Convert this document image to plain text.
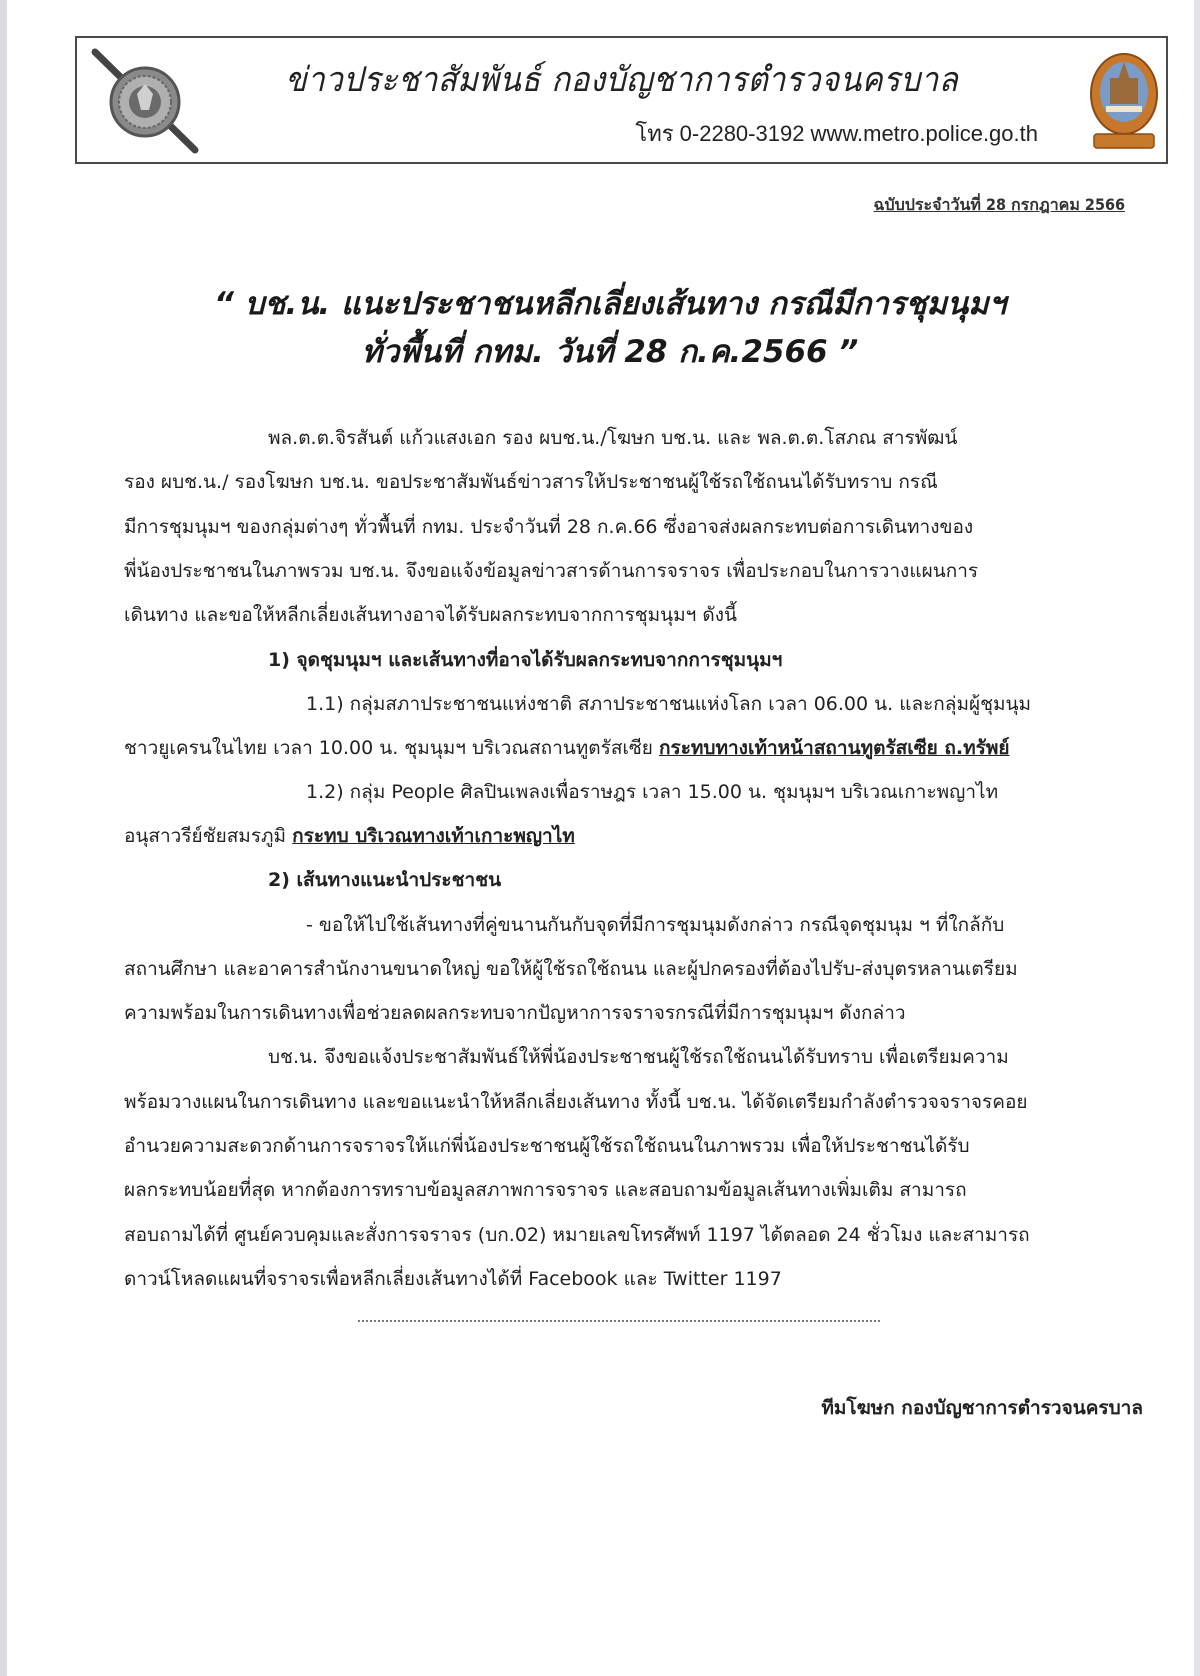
ข่าวประชาสัมพันธ์ กองบัญชาการตำรวจนครบาล
โทร 0-2280-3192 www.metro.police.go.th
ฉบับประจำวันที่ 28 กรกฎาคม 2566
“ บช.น. แนะประชาชนหลีกเลี่ยงเส้นทาง กรณีมีการชุมนุมฯ
ทั่วพื้นที่ กทม. วันที่ 28 ก.ค.2566 ”
พล.ต.ต.จิรสันต์ แก้วแสงเอก รอง ผบช.น./โฆษก บช.น. และ พล.ต.ต.โสภณ สารพัฒน์
รอง ผบช.น./ รองโฆษก บช.น. ขอประชาสัมพันธ์ข่าวสารให้ประชาชนผู้ใช้รถใช้ถนนได้รับทราบ กรณี
มีการชุมนุมฯ ของกลุ่มต่างๆ ทั่วพื้นที่ กทม. ประจำวันที่ 28 ก.ค.66 ซึ่งอาจส่งผลกระทบต่อการเดินทางของ
พี่น้องประชาชนในภาพรวม บช.น. จึงขอแจ้งข้อมูลข่าวสารด้านการจราจร เพื่อประกอบในการวางแผนการ
เดินทาง และขอให้หลีกเลี่ยงเส้นทางอาจได้รับผลกระทบจากการชุมนุมฯ ดังนี้
1) จุดชุมนุมฯ และเส้นทางที่อาจได้รับผลกระทบจากการชุมนุมฯ
1.1) กลุ่มสภาประชาชนแห่งชาติ สภาประชาชนแห่งโลก เวลา 06.00 น. และกลุ่มผู้ชุมนุม
ชาวยูเครนในไทย เวลา 10.00 น. ชุมนุมฯ บริเวณสถานทูตรัสเซีย กระทบทางเท้าหน้าสถานทูตรัสเซีย ถ.ทรัพย์
1.2) กลุ่ม People ศิลปินเพลงเพื่อราษฎร เวลา 15.00 น. ชุมนุมฯ บริเวณเกาะพญาไท
อนุสาวรีย์ชัยสมรภูมิ กระทบ บริเวณทางเท้าเกาะพญาไท
2) เส้นทางแนะนำประชาชน
- ขอให้ไปใช้เส้นทางที่คู่ขนานกันกับจุดที่มีการชุมนุมดังกล่าว กรณีจุดชุมนุม ฯ ที่ใกล้กับ
สถานศึกษา และอาคารสำนักงานขนาดใหญ่ ขอให้ผู้ใช้รถใช้ถนน และผู้ปกครองที่ต้องไปรับ-ส่งบุตรหลานเตรียม
ความพร้อมในการเดินทางเพื่อช่วยลดผลกระทบจากปัญหาการจราจรกรณีที่มีการชุมนุมฯ ดังกล่าว
บช.น. จึงขอแจ้งประชาสัมพันธ์ให้พี่น้องประชาชนผู้ใช้รถใช้ถนนได้รับทราบ เพื่อเตรียมความ
พร้อมวางแผนในการเดินทาง และขอแนะนำให้หลีกเลี่ยงเส้นทาง ทั้งนี้ บช.น. ได้จัดเตรียมกำลังตำรวจจราจรคอย
อำนวยความสะดวกด้านการจราจรให้แก่พี่น้องประชาชนผู้ใช้รถใช้ถนนในภาพรวม เพื่อให้ประชาชนได้รับ
ผลกระทบน้อยที่สุด หากต้องการทราบข้อมูลสภาพการจราจร และสอบถามข้อมูลเส้นทางเพิ่มเติม สามารถ
สอบถามได้ที่ ศูนย์ควบคุมและสั่งการจราจร (บก.02) หมายเลขโทรศัพท์ 1197 ได้ตลอด 24 ชั่วโมง และสามารถ
ดาวน์โหลดแผนที่จราจรเพื่อหลีกเลี่ยงเส้นทางได้ที่ Facebook และ Twitter 1197
ทีมโฆษก กองบัญชาการตำรวจนครบาล
